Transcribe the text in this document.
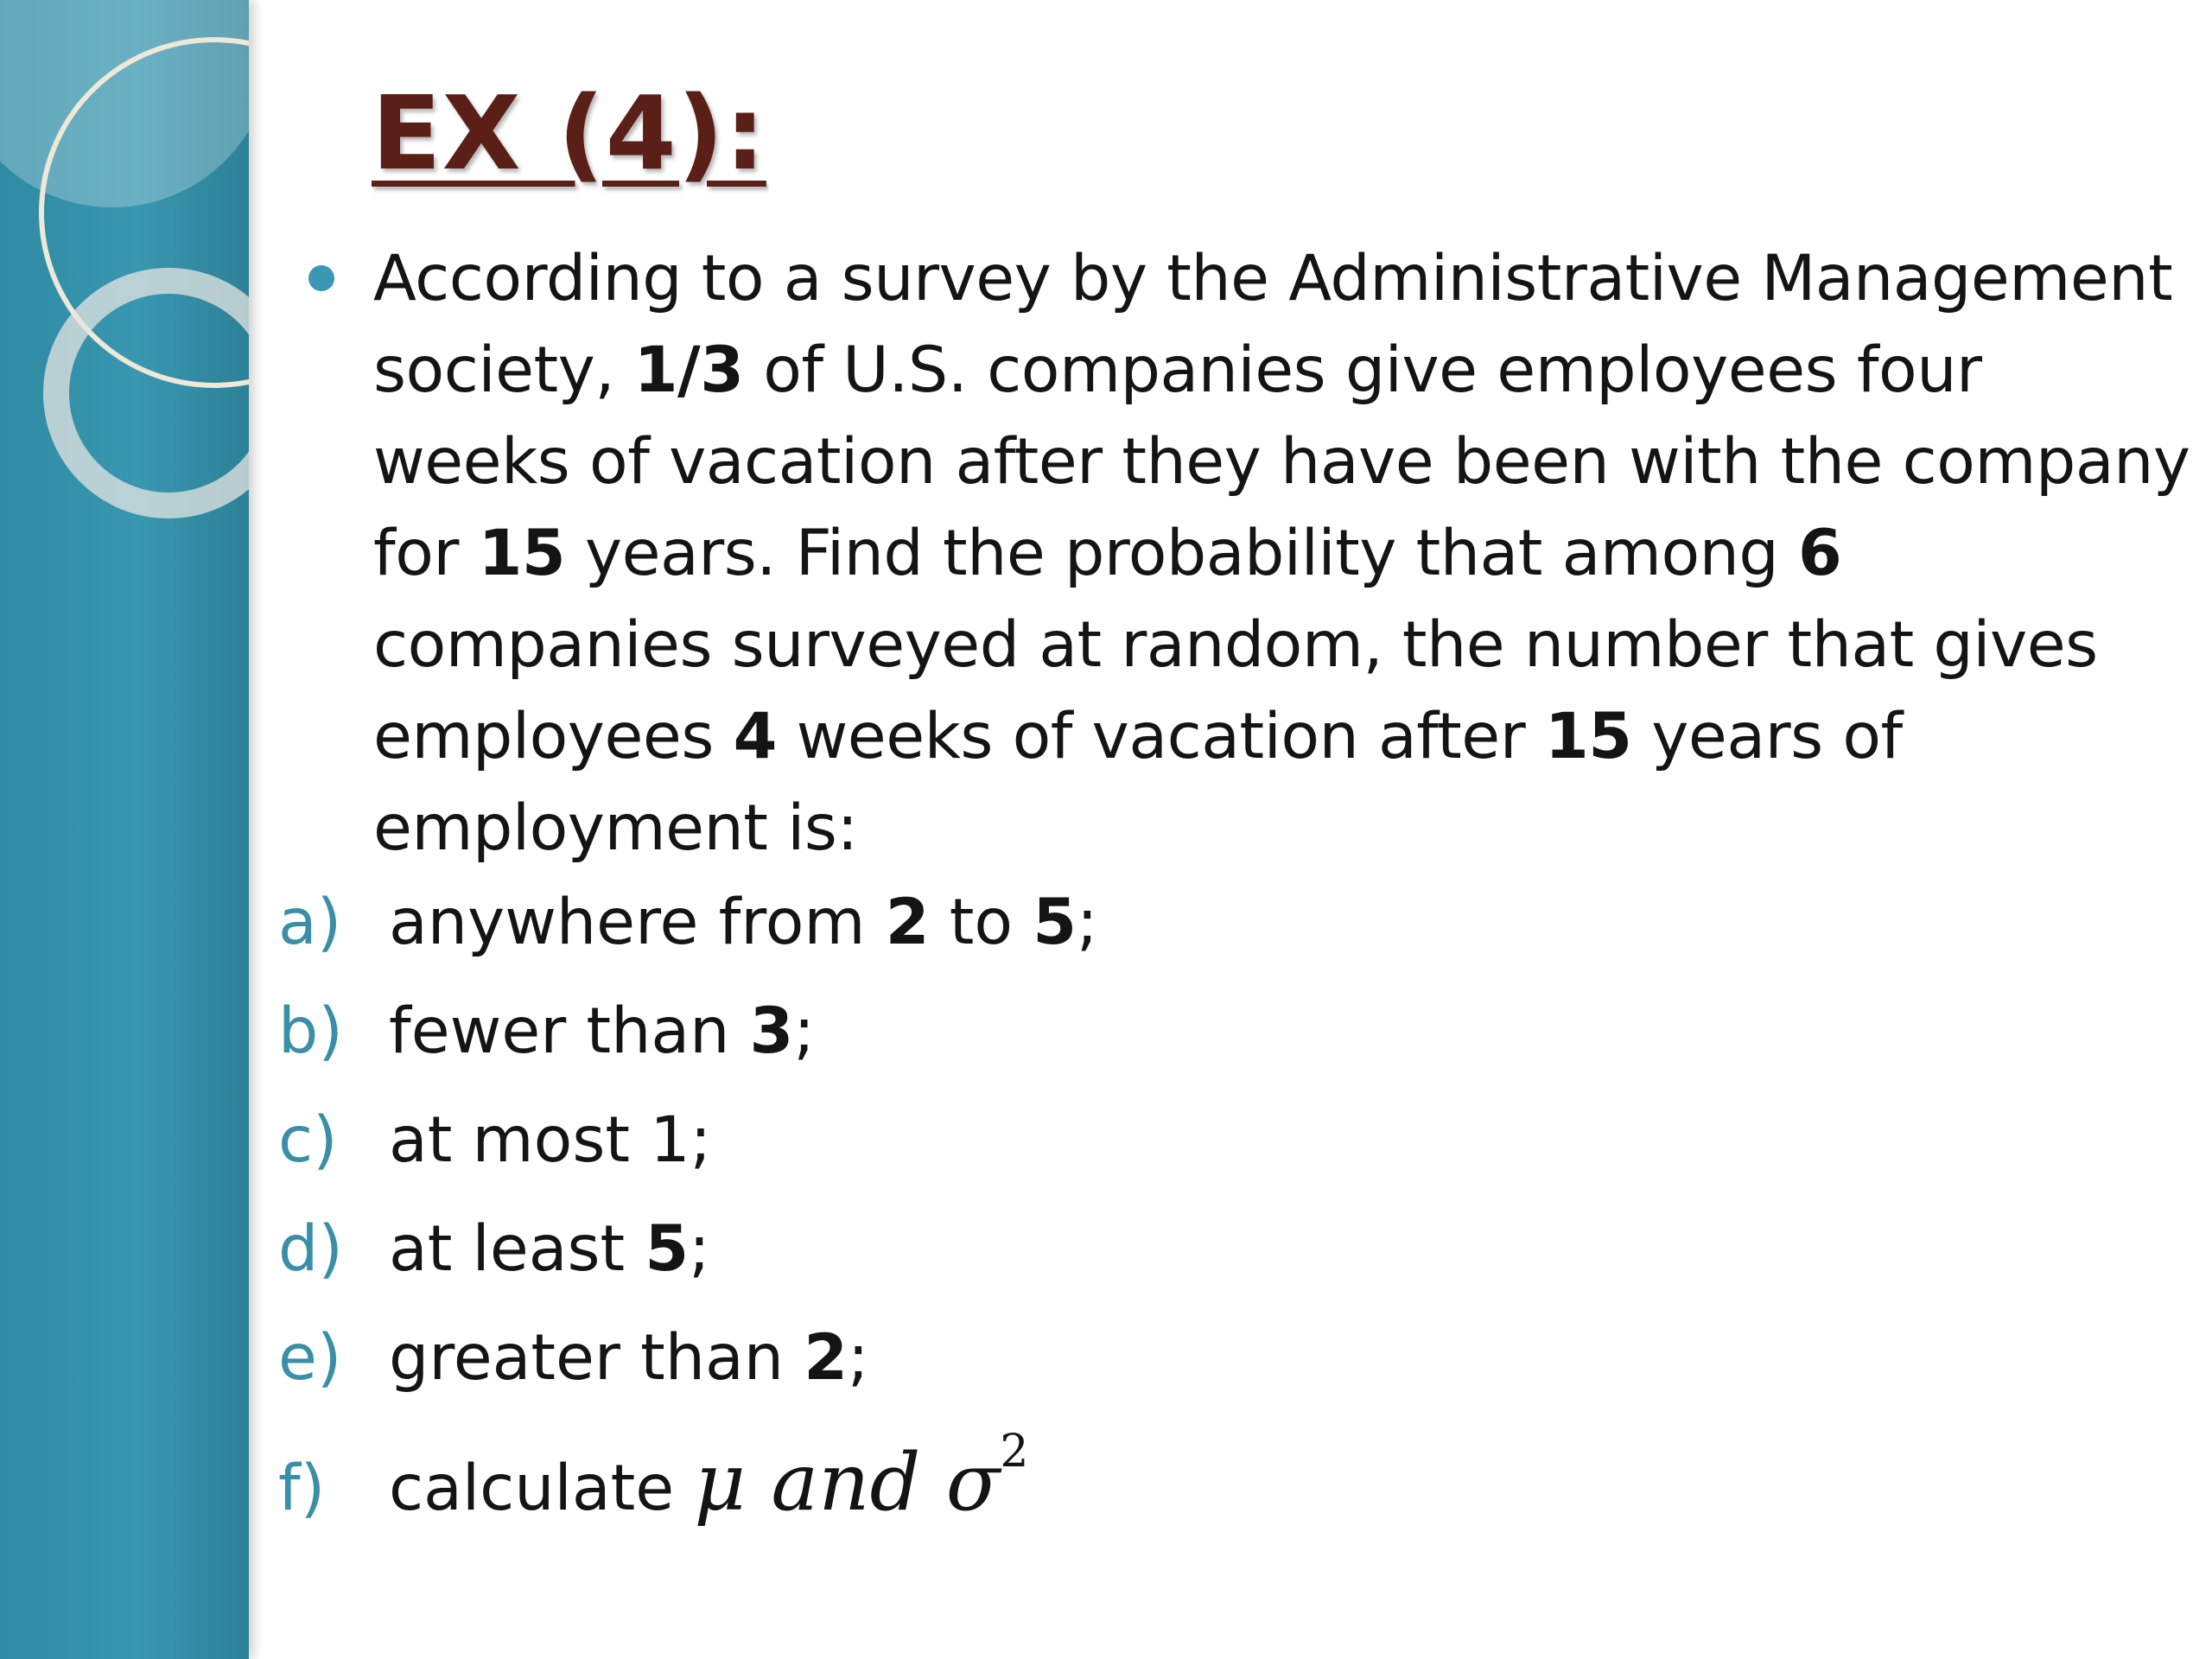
EX (4):
According to a survey by the Administrative Management society, 1/3 of U.S. companies give employees four weeks of vacation after they have been with the company for 15 years. Find the probability that among 6 companies surveyed at random, the number that gives employees 4 weeks of vacation after 15 years of employment is:
a) anywhere from 2 to 5;
b) fewer than 3;
c) at most 1;
d) at least 5;
e) greater than 2;
f) calculate μ and $\sigma^2$
